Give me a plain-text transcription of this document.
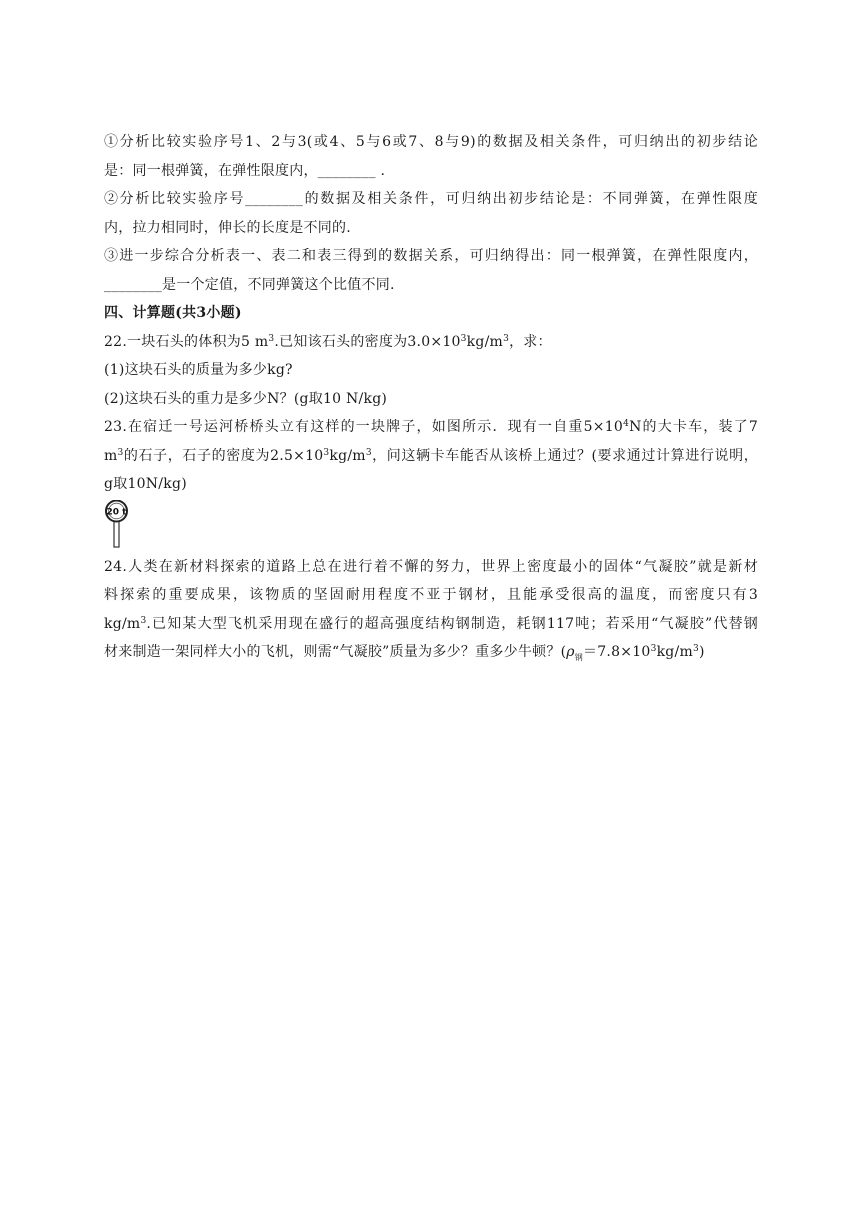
①分析比较实验序号1、2与3(或4、5与6或7、8与9)的数据及相关条件，可归纳出的初步结论
是：同一根弹簧，在弹性限度内，________ .
②分析比较实验序号________的数据及相关条件，可归纳出初步结论是：不同弹簧，在弹性限度
内，拉力相同时，伸长的长度是不同的.
③进一步综合分析表一、表二和表三得到的数据关系，可归纳得出：同一根弹簧，在弹性限度内，
________是一个定值，不同弹簧这个比值不同.
四、计算题(共3小题)
22.一块石头的体积为5 $m^3$.已知该石头的密度为$3.0\times 10^3kg/m^3$，求：
(1)这块石头的质量为多少kg?
(2)这块石头的重力是多少N？(g取10 N/kg)
23.在宿迁一号运河桥桥头立有这样的一块牌子，如图所示．现有一自重$5\times 10^4N$的大卡车，装了7
$m^3$的石子，石子的密度为$2.5\times 10^3kg/m^3$，问这辆卡车能否从该桥上通过？(要求通过计算进行说明，
g取10N/kg)
20 t
24.人类在新材料探索的道路上总在进行着不懈的努力，世界上密度最小的固体“气凝胶”就是新材
料探索的重要成果，该物质的坚固耐用程度不亚于钢材，且能承受很高的温度，而密度只有3
$kg/m^3$.已知某大型飞机采用现在盛行的超高强度结构钢制造，耗钢117吨；若采用“气凝胶”代替钢
材来制造一架同样大小的飞机，则需“气凝胶”质量为多少？重多少牛顿？$(\rho_钢=7.8\times 10^3kg/m^3)$
